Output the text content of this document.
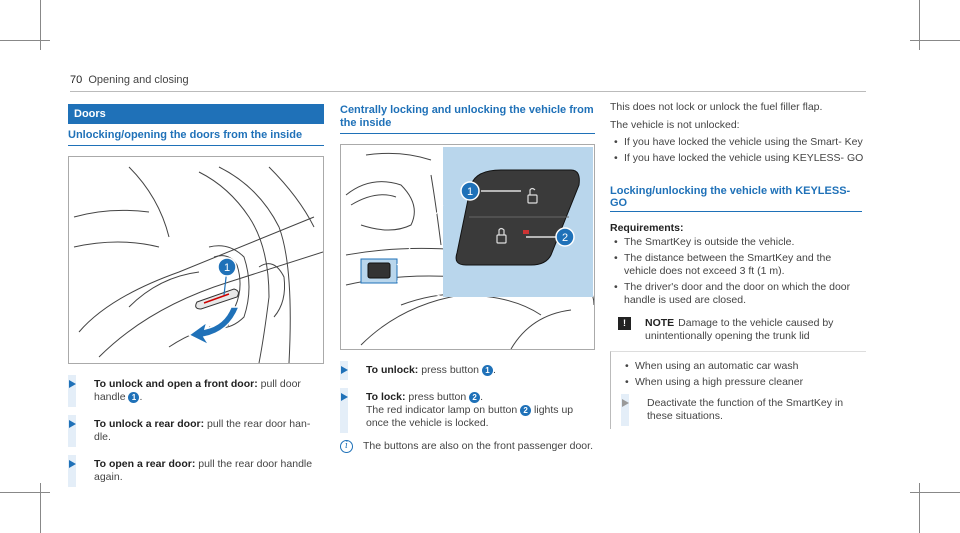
70 Opening and closing
Doors
Unlocking/opening the doors from the inside
1
To unlock and open a front door: pull door handle 1 .
To unlock a rear door: pull the rear door han‐ dle.
To open a rear door: pull the rear door handle again.
Centrally locking and unlocking the vehicle from the inside
1
2
To unlock: press button 1 .
To lock: press button 2 .
The red indicator lamp on button 2 lights up once the vehicle is locked.
i	The buttons are also on the front passenger door.
This does not lock or unlock the fuel filler flap.
The vehicle is not unlocked:
• If you have locked the vehicle using the Smart‐ Key
• If you have locked the vehicle using KEYLESS- GO
Locking/unlocking the vehicle with KEYLESS-GO
Requirements:
• The SmartKey is outside the vehicle.
• The distance between the SmartKey and the vehicle does not exceed 3 ft (1 m).
• The driver's door and the door on which the door handle is used are closed.
!	NOTE Damage to the vehicle caused by unintentionally opening the trunk lid
• When using an automatic car wash
• When using a high pressure cleaner
Deactivate the function of the SmartKey in these situations.
